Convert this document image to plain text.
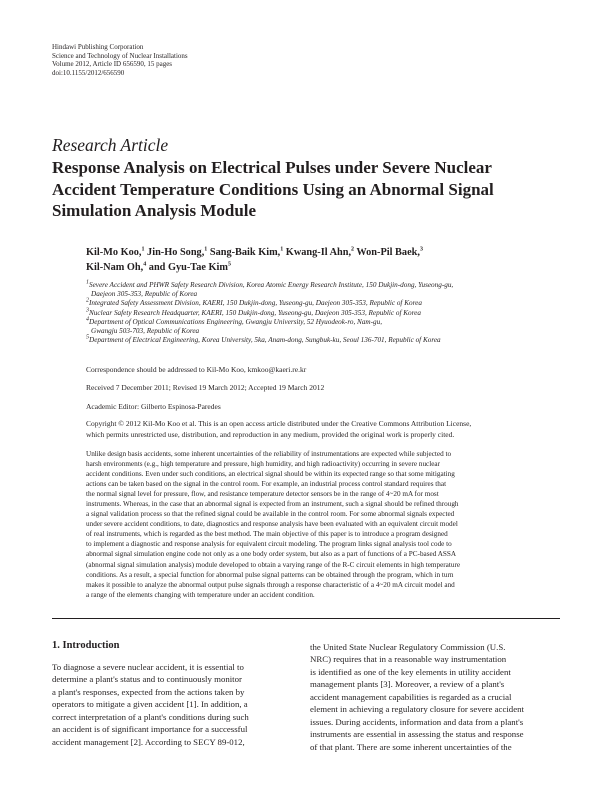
Hindawi Publishing Corporation
Science and Technology of Nuclear Installations
Volume 2012, Article ID 656590, 15 pages
doi:10.1155/2012/656590
Research Article
Response Analysis on Electrical Pulses under Severe Nuclear
Accident Temperature Conditions Using an Abnormal Signal
Simulation Analysis Module
Kil-Mo Koo,$^1$ Jin-Ho Song,$^1$ Sang-Baik Kim,$^1$ Kwang-Il Ahn,$^2$ Won-Pil Baek,$^3$
Kil-Nam Oh,$^4$ and Gyu-Tae Kim$^5$
$^1$Severe Accident and PHWR Safety Research Division, Korea Atomic Energy Research Institute, 150 Dukjin-dong, Yuseong-gu,
Daejeon 305-353, Republic of Korea
$^2$Integrated Safety Assessment Division, KAERI, 150 Dukjin-dong, Yuseong-gu, Daejeon 305-353, Republic of Korea
$^3$Nuclear Safety Research Headquarter, KAERI, 150 Dukjin-dong, Yuseong-gu, Daejeon 305-353, Republic of Korea
$^4$Department of Optical Communications Engineering, Gwangju University, 52 Hyuodeok-ro, Nam-gu,
Gwangju 503-703, Republic of Korea
$^5$Department of Electrical Engineering, Korea University, 5ka, Anam-dong, Sungbuk-ku, Seoul 136-701, Republic of Korea
Correspondence should be addressed to Kil-Mo Koo, kmkoo@kaeri.re.kr
Received 7 December 2011; Revised 19 March 2012; Accepted 19 March 2012
Academic Editor: Gilberto Espinosa-Paredes
Copyright © 2012 Kil-Mo Koo et al. This is an open access article distributed under the Creative Commons Attribution License,
which permits unrestricted use, distribution, and reproduction in any medium, provided the original work is properly cited.
Unlike design basis accidents, some inherent uncertainties of the reliability of instrumentations are expected while subjected to
harsh environments (e.g., high temperature and pressure, high humidity, and high radioactivity) occurring in severe nuclear
accident conditions. Even under such conditions, an electrical signal should be within its expected range so that some mitigating
actions can be taken based on the signal in the control room. For example, an industrial process control standard requires that
the normal signal level for pressure, flow, and resistance temperature detector sensors be in the range of 4~20 mA for most
instruments. Whereas, in the case that an abnormal signal is expected from an instrument, such a signal should be refined through
a signal validation process so that the refined signal could be available in the control room. For some abnormal signals expected
under severe accident conditions, to date, diagnostics and response analysis have been evaluated with an equivalent circuit model
of real instruments, which is regarded as the best method. The main objective of this paper is to introduce a program designed
to implement a diagnostic and response analysis for equivalent circuit modeling. The program links signal analysis tool code to
abnormal signal simulation engine code not only as a one body order system, but also as a part of functions of a PC-based ASSA
(abnormal signal simulation analysis) module developed to obtain a varying range of the R-C circuit elements in high temperature
conditions. As a result, a special function for abnormal pulse signal patterns can be obtained through the program, which in turn
makes it possible to analyze the abnormal output pulse signals through a response characteristic of a 4~20 mA circuit model and
a range of the elements changing with temperature under an accident condition.
1. Introduction
To diagnose a severe nuclear accident, it is essential to
determine a plant's status and to continuously monitor
a plant's responses, expected from the actions taken by
operators to mitigate a given accident [1]. In addition, a
correct interpretation of a plant's conditions during such
an accident is of significant importance for a successful
accident management [2]. According to SECY 89-012,
the United State Nuclear Regulatory Commission (U.S.
NRC) requires that in a reasonable way instrumentation
is identified as one of the key elements in utility accident
management plants [3]. Moreover, a review of a plant's
accident management capabilities is regarded as a crucial
element in achieving a regulatory closure for severe accident
issues. During accidents, information and data from a plant's
instruments are essential in assessing the status and response
of that plant. There are some inherent uncertainties of the
